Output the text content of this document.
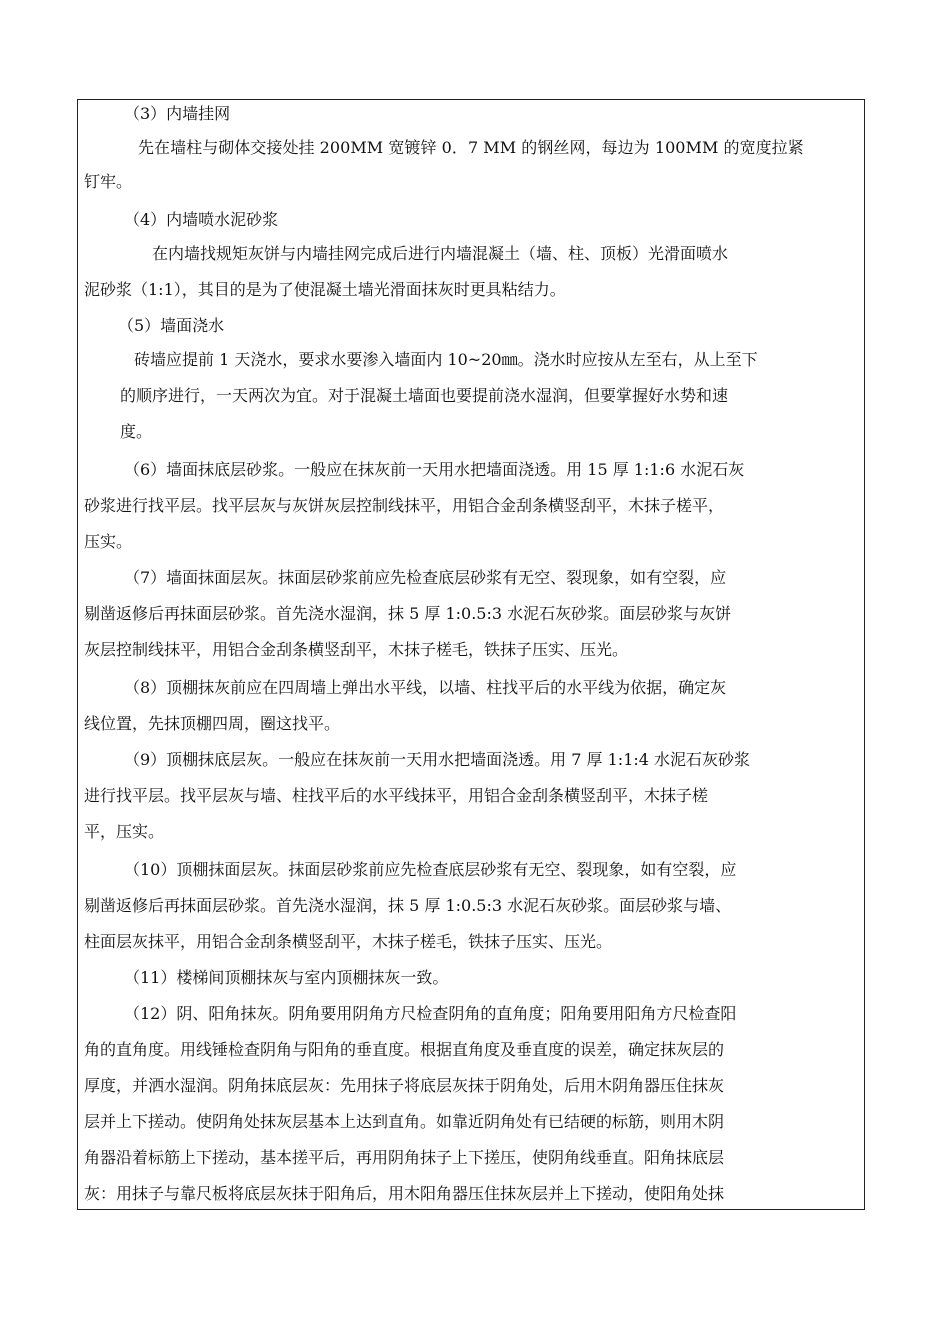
（3）内墙挂网
先在墙柱与砌体交接处挂 200MM 宽镀锌 0．7 MM 的钢丝网，每边为 100MM 的宽度拉紧
钉牢。
（4）内墙喷水泥砂浆
在内墙找规矩灰饼与内墙挂网完成后进行内墙混凝土（墙、柱、顶板）光滑面喷水
泥砂浆（1:1），其目的是为了使混凝土墙光滑面抹灰时更具粘结力。
（5）墙面浇水
砖墙应提前 1 天浇水，要求水要渗入墙面内 10~20㎜。浇水时应按从左至右，从上至下
的顺序进行，一天两次为宜。对于混凝土墙面也要提前浇水湿润，但要掌握好水势和速
度。
（6）墙面抹底层砂浆。一般应在抹灰前一天用水把墙面浇透。用 15 厚 1:1:6 水泥石灰
砂浆进行找平层。找平层灰与灰饼灰层控制线抹平，用铝合金刮条横竖刮平，木抹子槎平，
压实。
（7）墙面抹面层灰。抹面层砂浆前应先检查底层砂浆有无空、裂现象，如有空裂，应
剔凿返修后再抹面层砂浆。首先浇水湿润，抹 5 厚 1:0.5:3 水泥石灰砂浆。面层砂浆与灰饼
灰层控制线抹平，用铝合金刮条横竖刮平，木抹子槎毛，铁抹子压实、压光。
（8）顶棚抹灰前应在四周墙上弹出水平线，以墙、柱找平后的水平线为依据，确定灰
线位置，先抹顶棚四周，圈这找平。
（9）顶棚抹底层灰。一般应在抹灰前一天用水把墙面浇透。用 7 厚 1:1:4 水泥石灰砂浆
进行找平层。找平层灰与墙、柱找平后的水平线抹平，用铝合金刮条横竖刮平，木抹子槎
平，压实。
（10）顶棚抹面层灰。抹面层砂浆前应先检查底层砂浆有无空、裂现象，如有空裂，应
剔凿返修后再抹面层砂浆。首先浇水湿润，抹 5 厚 1:0.5:3 水泥石灰砂浆。面层砂浆与墙、
柱面层灰抹平，用铝合金刮条横竖刮平，木抹子槎毛，铁抹子压实、压光。
（11）楼梯间顶棚抹灰与室内顶棚抹灰一致。
（12）阴、阳角抹灰。阴角要用阴角方尺检查阴角的直角度；阳角要用阳角方尺检查阳
角的直角度。用线锤检查阴角与阳角的垂直度。根据直角度及垂直度的误差，确定抹灰层的
厚度，并洒水湿润。阴角抹底层灰：先用抹子将底层灰抹于阴角处，后用木阴角器压住抹灰
层并上下搓动。使阴角处抹灰层基本上达到直角。如靠近阴角处有已结硬的标筋，则用木阴
角器沿着标筋上下搓动，基本搓平后，再用阴角抹子上下搓压，使阴角线垂直。阳角抹底层
灰：用抹子与靠尺板将底层灰抹于阳角后，用木阳角器压住抹灰层并上下搓动，使阳角处抹
